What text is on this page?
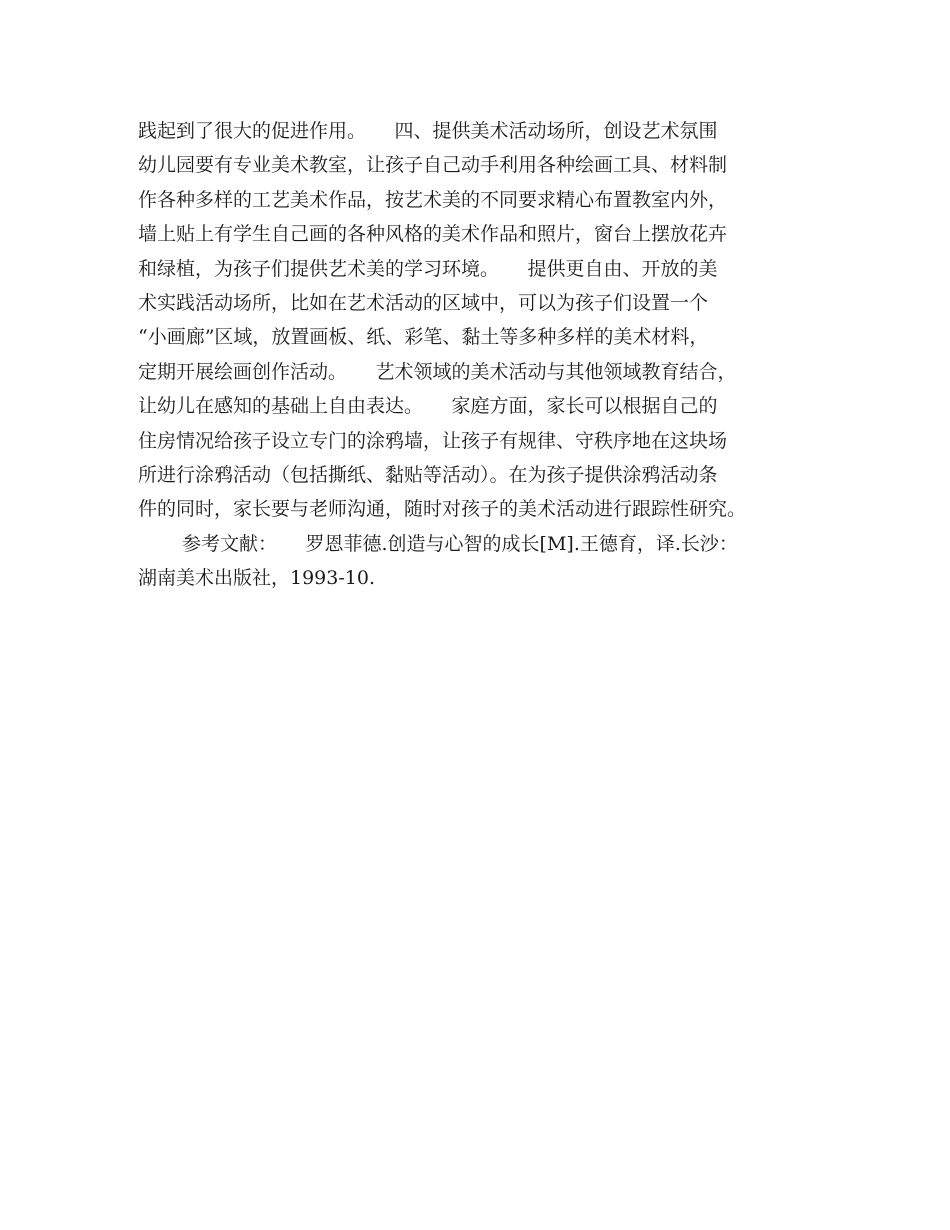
践起到了很大的促进作用。　　四、提供美术活动场所，创设艺术氛围
幼儿园要有专业美术教室，让孩子自己动手利用各种绘画工具、材料制
作各种多样的工艺美术作品，按艺术美的不同要求精心布置教室内外，
墙上贴上有学生自己画的各种风格的美术作品和照片，窗台上摆放花卉
和绿植，为孩子们提供艺术美的学习环境。　　提供更自由、开放的美
术实践活动场所，比如在艺术活动的区域中，可以为孩子们设置一个
“小画廊”区域，放置画板、纸、彩笔、黏土等多种多样的美术材料，
定期开展绘画创作活动。　　艺术领域的美术活动与其他领域教育结合，
让幼儿在感知的基础上自由表达。　　家庭方面，家长可以根据自己的
住房情况给孩子设立专门的涂鸦墙，让孩子有规律、守秩序地在这块场
所进行涂鸦活动（包括撕纸、黏贴等活动）。在为孩子提供涂鸦活动条
件的同时，家长要与老师沟通，随时对孩子的美术活动进行跟踪性研究。
参考文献：　　罗恩菲德.创造与心智的成长[M].王德育，译.长沙：
湖南美术出版社，1993-10.
